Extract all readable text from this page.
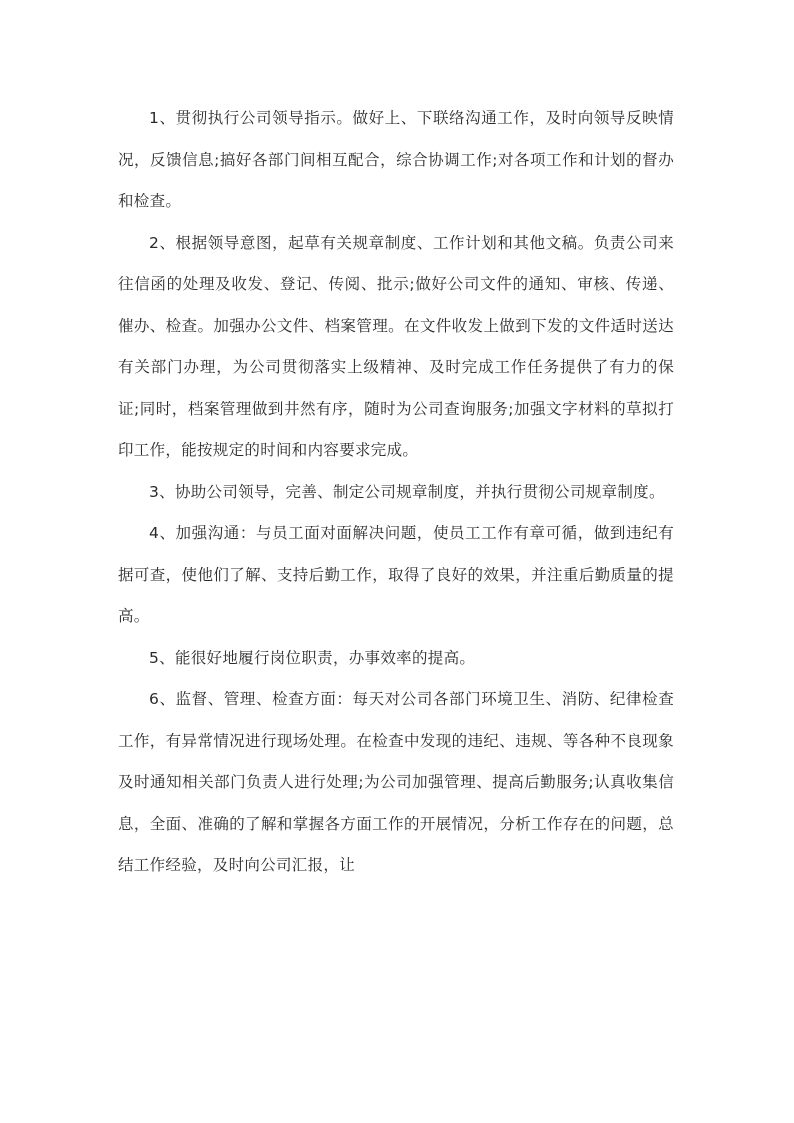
1、贯彻执行公司领导指示。做好上、下联络沟通工作，及时向领导反映情况，反馈信息;搞好各部门间相互配合，综合协调工作;对各项工作和计划的督办和检查。

2、根据领导意图，起草有关规章制度、工作计划和其他文稿。负责公司来往信函的处理及收发、登记、传阅、批示;做好公司文件的通知、审核、传递、催办、检查。加强办公文件、档案管理。在文件收发上做到下发的文件适时送达有关部门办理，为公司贯彻落实上级精神、及时完成工作任务提供了有力的保证;同时，档案管理做到井然有序，随时为公司查询服务;加强文字材料的草拟打印工作，能按规定的时间和内容要求完成。

3、协助公司领导，完善、制定公司规章制度，并执行贯彻公司规章制度。

4、加强沟通：与员工面对面解决问题，使员工工作有章可循，做到违纪有据可查，使他们了解、支持后勤工作，取得了良好的效果，并注重后勤质量的提高。

5、能很好地履行岗位职责，办事效率的提高。

6、监督、管理、检查方面：每天对公司各部门环境卫生、消防、纪律检查工作，有异常情况进行现场处理。在检查中发现的违纪、违规、等各种不良现象及时通知相关部门负责人进行处理;为公司加强管理、提高后勤服务;认真收集信息，全面、准确的了解和掌握各方面工作的开展情况，分析工作存在的问题，总结工作经验，及时向公司汇报，让
